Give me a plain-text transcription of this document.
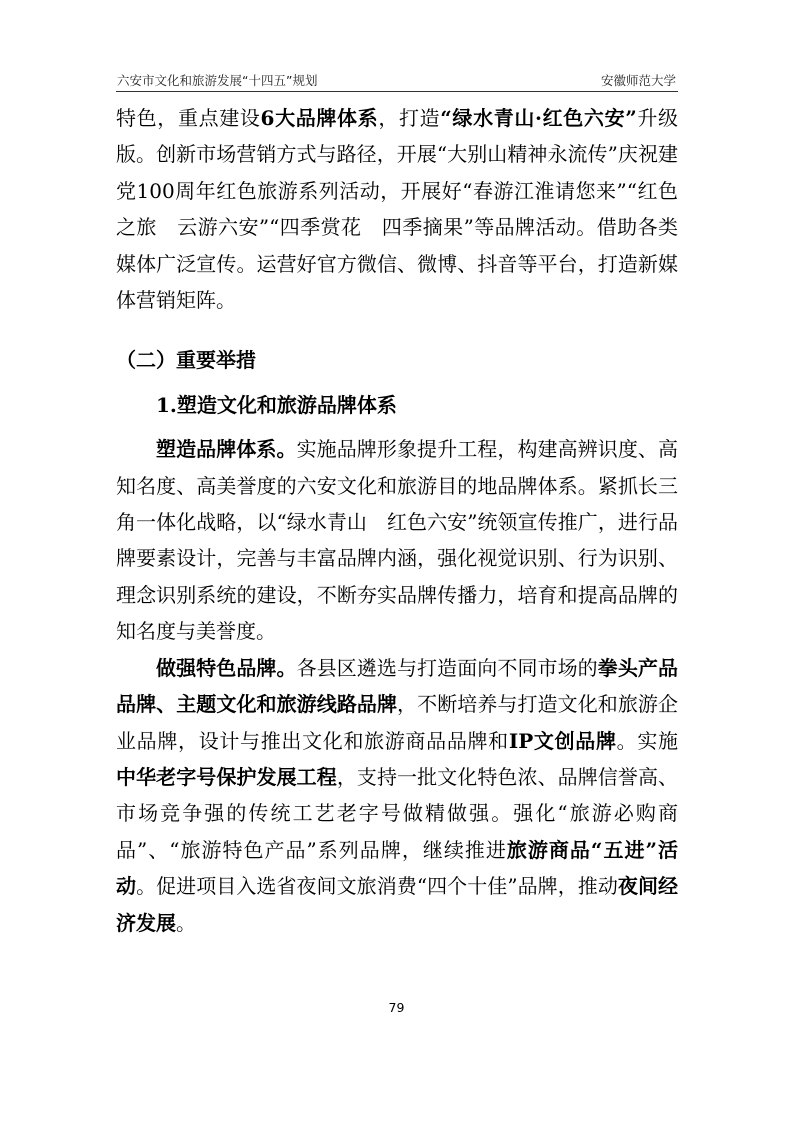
六安市文化和旅游发展“十四五”规划	安徽师范大学

特色，重点建设6大品牌体系，打造“绿水青山·红色六安”升级版。创新市场营销方式与路径，开展“大别山精神永流传”庆祝建党100周年红色旅游系列活动，开展好“春游江淮请您来”“红色之旅　云游六安”“四季赏花　四季摘果”等品牌活动。借助各类媒体广泛宣传。运营好官方微信、微博、抖音等平台，打造新媒体营销矩阵。

（二）重要举措

1.塑造文化和旅游品牌体系

塑造品牌体系。实施品牌形象提升工程，构建高辨识度、高知名度、高美誉度的六安文化和旅游目的地品牌体系。紧抓长三角一体化战略，以“绿水青山　红色六安”统领宣传推广，进行品牌要素设计，完善与丰富品牌内涵，强化视觉识别、行为识别、理念识别系统的建设，不断夯实品牌传播力，培育和提高品牌的知名度与美誉度。

做强特色品牌。各县区遴选与打造面向不同市场的拳头产品品牌、主题文化和旅游线路品牌，不断培养与打造文化和旅游企业品牌，设计与推出文化和旅游商品品牌和IP文创品牌。实施中华老字号保护发展工程，支持一批文化特色浓、品牌信誉高、市场竞争强的传统工艺老字号做精做强。强化“旅游必购商品”、“旅游特色产品”系列品牌，继续推进旅游商品“五进”活动。促进项目入选省夜间文旅消费“四个十佳”品牌，推动夜间经济发展。

79
